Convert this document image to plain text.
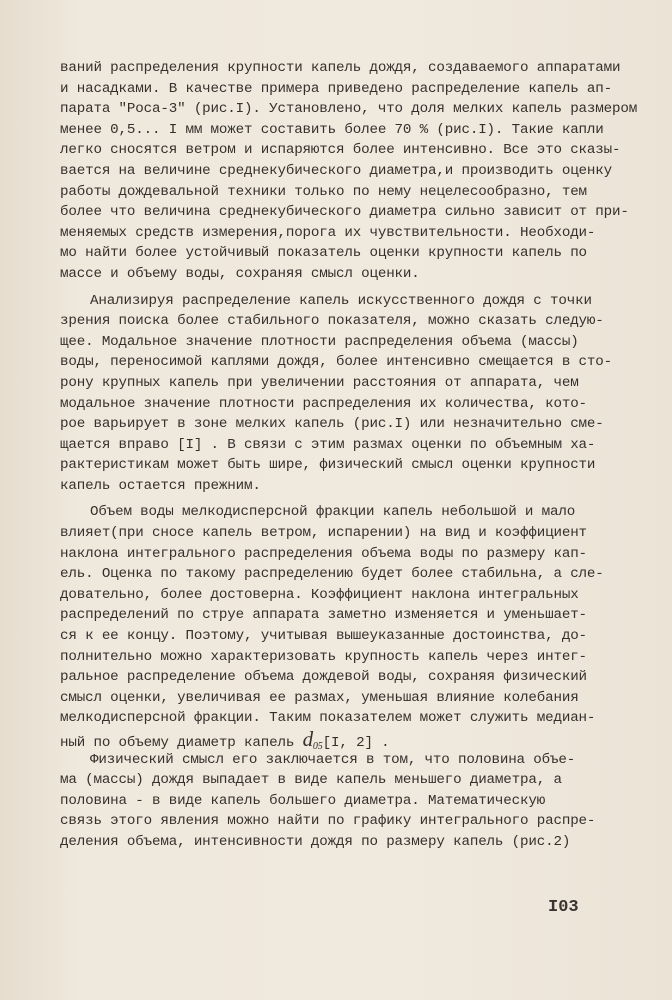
ваний распределения крупности капель дождя, создаваемого аппаратами
и насадками. В качестве примера приведено распределение капель ап-
парата "Роса-3" (рис.I). Установлено, что доля мелких капель размером
менее 0,5... I мм может составить более 70 % (рис.I). Такие капли
легко сносятся ветром и испаряются более интенсивно. Все это сказы-
вается на величине среднекубического диаметра,и производить оценку
работы дождевальной техники только по нему нецелесообразно, тем
более что величина среднекубического диаметра сильно зависит от при-
меняемых средств измерения,порога их чувствительности. Необходи-
мо найти более устойчивый показатель оценки крупности капель по
массе и объему воды, сохраняя смысл оценки.
Анализируя распределение капель искусственного дождя с точки
зрения поиска более стабильного показателя, можно сказать следую-
щее. Модальное значение плотности распределения объема (массы)
воды, переносимой каплями дождя, более интенсивно смещается в сто-
рону крупных капель при увеличении расстояния от аппарата, чем
модальное значение плотности распределения их количества, кото-
рое варьирует в зоне мелких капель (рис.I) или незначительно сме-
щается вправо [I] . В связи с этим размах оценки по объемным ха-
рактеристикам может быть шире, физический смысл оценки крупности
капель остается прежним.
Объем воды мелкодисперсной фракции капель небольшой и мало
влияет(при сносе капель ветром, испарении) на вид и коэффициент
наклона интегрального распределения объема воды по размеру кап-
ель. Оценка по такому распределению будет более стабильна, а сле-
довательно, более достоверна. Коэффициент наклона интегральных
распределений по струе аппарата заметно изменяется и уменьшает-
ся к ее концу. Поэтому, учитывая вышеуказанные достоинства, до-
полнительно можно характеризовать крупность капель через интег-
ральное распределение объема дождевой воды, сохраняя физический
смысл оценки, увеличивая ее размах, уменьшая влияние колебания
мелкодисперсной фракции. Таким показателем может служить медиан-
ный по объему диаметр капель $d_{05}[I$, 2] .
Физический смысл его заключается в том, что половина объе-
ма (массы) дождя выпадает в виде капель меньшего диаметра, а
половина - в виде капель большего диаметра. Математическую
связь этого явления можно найти по графику интегрального распре-
деления объема, интенсивности дождя по размеру капель (рис.2)
I03
